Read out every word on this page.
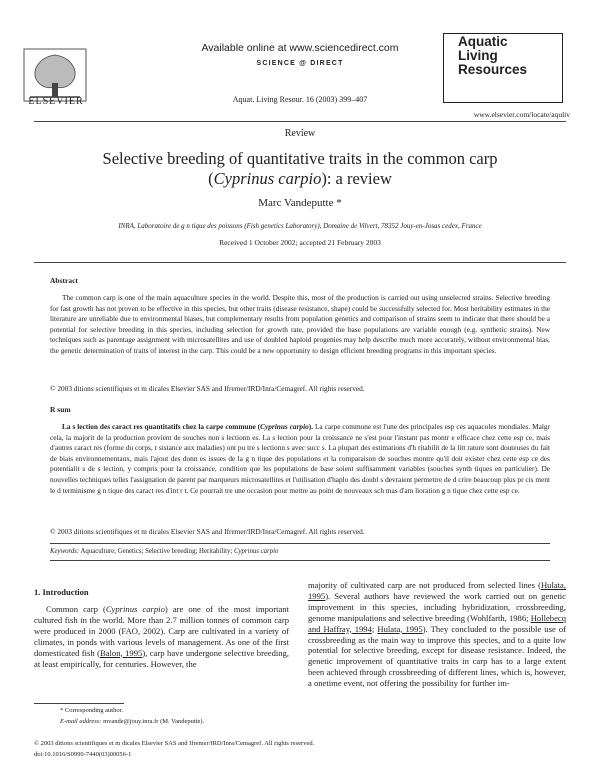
ELSEVIER
Available online at www.sciencedirect.com
SCIENCE @ DIRECT
Aquat. Living Resour. 16 (2003) 399–407
Aquatic
Living
Resources
www.elsevier.com/locate/aquliv
Review
Selective breeding of quantitative traits in the common carp
(Cyprinus carpio): a review
Marc Vandeputte *
INRA, Laboratoire de g n tique des poissons (Fish genetics Laboratory), Domaine de Vilvert, 78352 Jouy-en-Josas cedex, France
Received 1 October 2002; accepted 21 February 2003
Abstract
The common carp is one of the main aquaculture species in the world. Despite this, most of the production is carried out using unselected strains. Selective breeding for fast growth has not proven to be effective in this species, but other traits (disease resistance, shape) could be successfully selected for. Most heritability estimates in the literature are unreliable due to environmental biases, but complementary results from population genetics and comparison of strains seem to indicate that there should be a potential for selective breeding in this species, including selection for growth rate, provided the base populations are variable enough (e.g. synthetic strains). New techniques such as parentage assignment with microsatellites and use of doubled haploid progenies may help describe much more accurately, without environmental bias, the genetic determination of traits of interest in the carp. This could be a new opportunity to design efficient breeding programs in this important species.
© 2003 ditions scientifiques et m dicales Elsevier SAS and Ifremer/IRD/Inra/Cemagref. All rights reserved.
R sum
La s lection des caract res quantitatifs chez la carpe commune (Cyprinus carpio). La carpe commune est l'une des principales esp ces aquacoles mondiales. Malgr cela, la majorit de la production provient de souches non s lectionn es. La s lection pour la croissance ne s'est pour l'instant pas montr e efficace chez cette esp ce, mais d'autres caract res (forme du corps, r sistance aux maladies) ont pu tre s lectionn s avec succ s. La plupart des estimations d'h ritabilit de la litt rature sont douteuses du fait de biais environnementaux, mais l'ajout des donn es issues de la g n tique des populations et la comparaison de souches montre qu'il doit exister chez cette esp ce des potentialit s de s lection, y compris pour la croissance, condition que les populations de base soient suffisamment variables (souches synth tiques en particulier). De nouvelles techniques telles l'assignation de parent par marqueurs microsatellites et l'utilisation d'haplo des doubl s devraient permettre de d crire beaucoup plus pr cis ment le d terminisme g n tique des caract res d'int r t. Ce pourrait tre une occasion pour mettre au point de nouveaux sch mas d'am lioration g n tique chez cette esp ce.
© 2003 ditions scientifiques et m dicales Elsevier SAS and Ifremer/IRD/Inra/Cemagref. All rights reserved.
Keywords: Aquaculture; Genetics; Selective breeding; Heritability; Cyprinus carpio
1. Introduction
Common carp (Cyprinus carpio) are one of the most important cultured fish in the world. More than 2.7 million tonnes of common carp were produced in 2000 (FAO, 2002). Carp are cultivated in a variety of climates, in ponds with various levels of management. As one of the first domesticated fish (Balon, 1995), carp have undergone selective breeding, at least empirically, for centuries. However, the
majority of cultivated carp are not produced from selected lines (Hulata, 1995). Several authors have reviewed the work carried out on genetic improvement in this species, including hybridization, crossbreeding, genome manipulations and selective breeding (Wohlfarth, 1986; Hollebecq and Haffray, 1994; Hulata, 1995). They concluded to the possible use of crossbreeding as the main way to improve this species, and to a quite low potential for selective breeding, except for disease resistance. Indeed, the genetic improvement of quantitative traits in carp has to a large extent been achieved through crossbreeding of different lines, which is, however, a onetime event, not offering the possibility for further im-
* Corresponding author.
E-mail address: mvande@jouy.inra.fr (M. Vandeputte).
© 2003 ditions scientifiques et m dicales Elsevier SAS and Ifremer/IRD/Inra/Cemagref. All rights reserved.
doi:10.1016/S0990-7440(03)00056-1
